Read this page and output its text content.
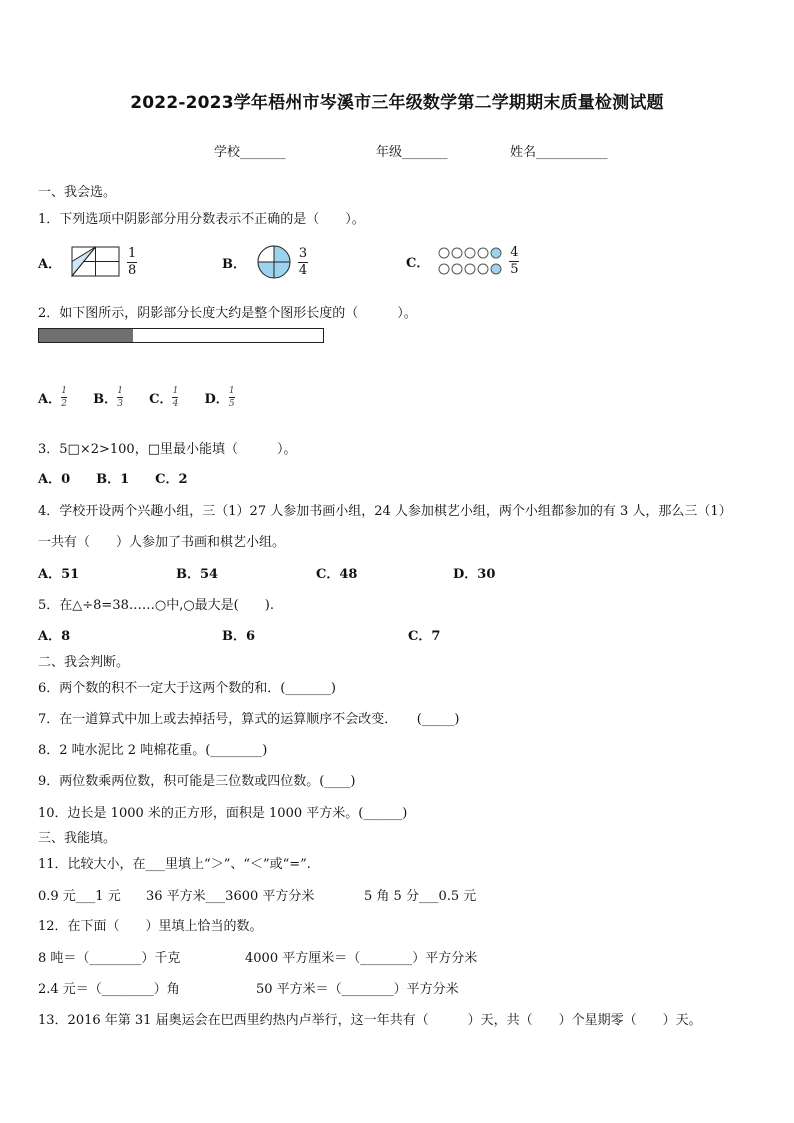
2022-2023学年梧州市岑溪市三年级数学第二学期期末质量检测试题
学校_______	年级_______	姓名___________
一、我会选。
1．下列选项中阴影部分用分数表示不正确的是（　　）。
A．	$\frac{1}{8}$	B．	$\frac{3}{4}$	C．	$\frac{4}{5}$
2．如下图所示，阴影部分长度大约是整个图形长度的（　　　）。
A． $\frac{1}{2}$ B． $\frac{1}{3}$ C． $\frac{1}{4}$ D． $\frac{1}{5}$
3．5□×2>100，□里最小能填（　　　）。
A．0　　B．1　　C．2
4．学校开设两个兴趣小组，三（1）27 人参加书画小组，24 人参加棋艺小组，两个小组都参加的有 3 人，那么三（1）
一共有（　　）人参加了书画和棋艺小组。
A．51	B．54	C．48	D．30
5．在△÷8=38……○中,○最大是(　　).
A．8	B．6	C．7
二、我会判断。
6．两个数的积不一定大于这两个数的和．(_______)
7．在一道算式中加上或去掉括号，算式的运算顺序不会改变．　　(_____)
8．2 吨水泥比 2 吨棉花重。(________)
9．两位数乘两位数，积可能是三位数或四位数。(____)
10．边长是 1000 米的正方形，面积是 1000 平方米。(______)
三、我能填。
11．比较大小，在___里填上“＞”、“＜”或“=”.
0.9 元___1 元 36 平方米___3600 平方分米	5 角 5 分___0.5 元
12．在下面（　　）里填上恰当的数。
8 吨＝（________）千克	4000 平方厘米＝（________）平方分米
2.4 元＝（________）角	50 平方米＝（________）平方分米
13．2016 年第 31 届奥运会在巴西里约热内卢举行，这一年共有（　　　）天，共（　　）个星期零（　　）天。
